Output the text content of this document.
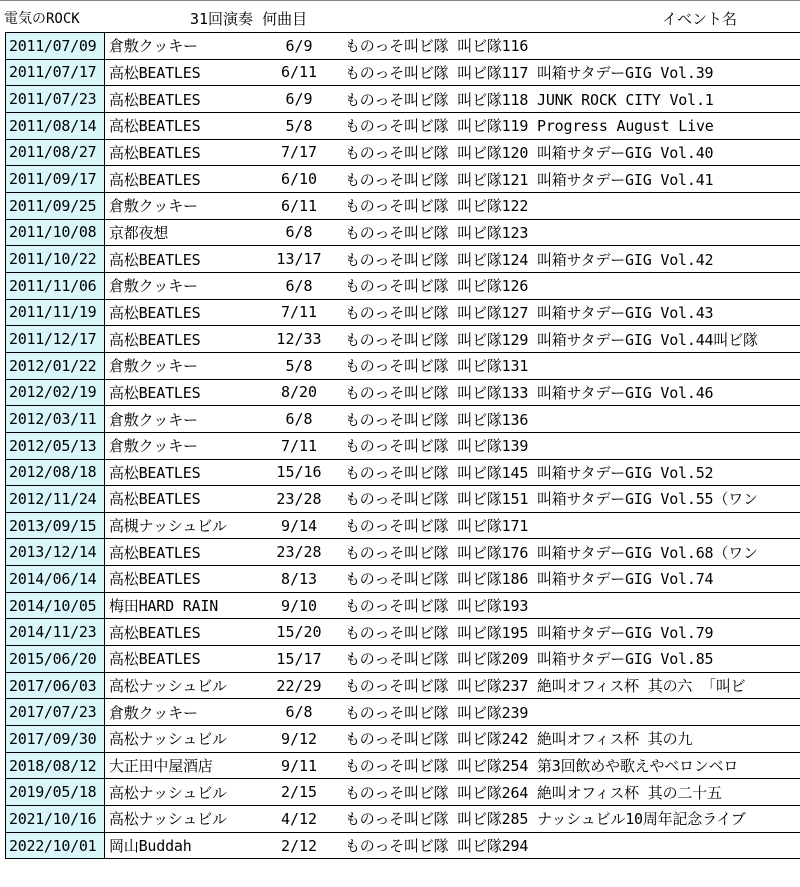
電気のROCK	31回演奏 何曲目	イベント名
2011/07/09 倉敷クッキー	6/9	ものっそ叫ビ隊 叫ビ隊116
2011/07/17 高松BEATLES	6/11	ものっそ叫ビ隊 叫ビ隊117 叫箱サタデーGIG Vol.39
2011/07/23 高松BEATLES	6/9	ものっそ叫ビ隊 叫ビ隊118 JUNK ROCK CITY Vol.1
2011/08/14 高松BEATLES	5/8	ものっそ叫ビ隊 叫ビ隊119 Progress August Live
2011/08/27 高松BEATLES	7/17	ものっそ叫ビ隊 叫ビ隊120 叫箱サタデーGIG Vol.40
2011/09/17 高松BEATLES	6/10	ものっそ叫ビ隊 叫ビ隊121 叫箱サタデーGIG Vol.41
2011/09/25 倉敷クッキー	6/11	ものっそ叫ビ隊 叫ビ隊122
2011/10/08 京都夜想	6/8	ものっそ叫ビ隊 叫ビ隊123
2011/10/22 高松BEATLES	13/17	ものっそ叫ビ隊 叫ビ隊124 叫箱サタデーGIG Vol.42
2011/11/06 倉敷クッキー	6/8	ものっそ叫ビ隊 叫ビ隊126
2011/11/19 高松BEATLES	7/11	ものっそ叫ビ隊 叫ビ隊127 叫箱サタデーGIG Vol.43
2011/12/17 高松BEATLES	12/33	ものっそ叫ビ隊 叫ビ隊129 叫箱サタデーGIG Vol.44叫ビ隊
2012/01/22 倉敷クッキー	5/8	ものっそ叫ビ隊 叫ビ隊131
2012/02/19 高松BEATLES	8/20	ものっそ叫ビ隊 叫ビ隊133 叫箱サタデーGIG Vol.46
2012/03/11 倉敷クッキー	6/8	ものっそ叫ビ隊 叫ビ隊136
2012/05/13 倉敷クッキー	7/11	ものっそ叫ビ隊 叫ビ隊139
2012/08/18 高松BEATLES	15/16	ものっそ叫ビ隊 叫ビ隊145 叫箱サタデーGIG Vol.52
2012/11/24 高松BEATLES	23/28	ものっそ叫ビ隊 叫ビ隊151 叫箱サタデーGIG Vol.55（ワン
2013/09/15 高槻ナッシュビル	9/14	ものっそ叫ビ隊 叫ビ隊171
2013/12/14 高松BEATLES	23/28	ものっそ叫ビ隊 叫ビ隊176 叫箱サタデーGIG Vol.68（ワン
2014/06/14 高松BEATLES	8/13	ものっそ叫ビ隊 叫ビ隊186 叫箱サタデーGIG Vol.74
2014/10/05 梅田HARD RAIN	9/10	ものっそ叫ビ隊 叫ビ隊193
2014/11/23 高松BEATLES	15/20	ものっそ叫ビ隊 叫ビ隊195 叫箱サタデーGIG Vol.79
2015/06/20 高松BEATLES	15/17	ものっそ叫ビ隊 叫ビ隊209 叫箱サタデーGIG Vol.85
2017/06/03 高松ナッシュビル	22/29	ものっそ叫ビ隊 叫ビ隊237 絶叫オフィス杯 其の六 「叫ビ
2017/07/23 倉敷クッキー	6/8	ものっそ叫ビ隊 叫ビ隊239
2017/09/30 高松ナッシュビル	9/12	ものっそ叫ビ隊 叫ビ隊242 絶叫オフィス杯 其の九
2018/08/12 大正田中屋酒店	9/11	ものっそ叫ビ隊 叫ビ隊254 第3回飲めや歌えやベロンベロ
2019/05/18 高松ナッシュビル	2/15	ものっそ叫ビ隊 叫ビ隊264 絶叫オフィス杯 其の二十五
2021/10/16 高松ナッシュビル	4/12	ものっそ叫ビ隊 叫ビ隊285 ナッシュビル10周年記念ライブ
2022/10/01 岡山Buddah	2/12	ものっそ叫ビ隊 叫ビ隊294
